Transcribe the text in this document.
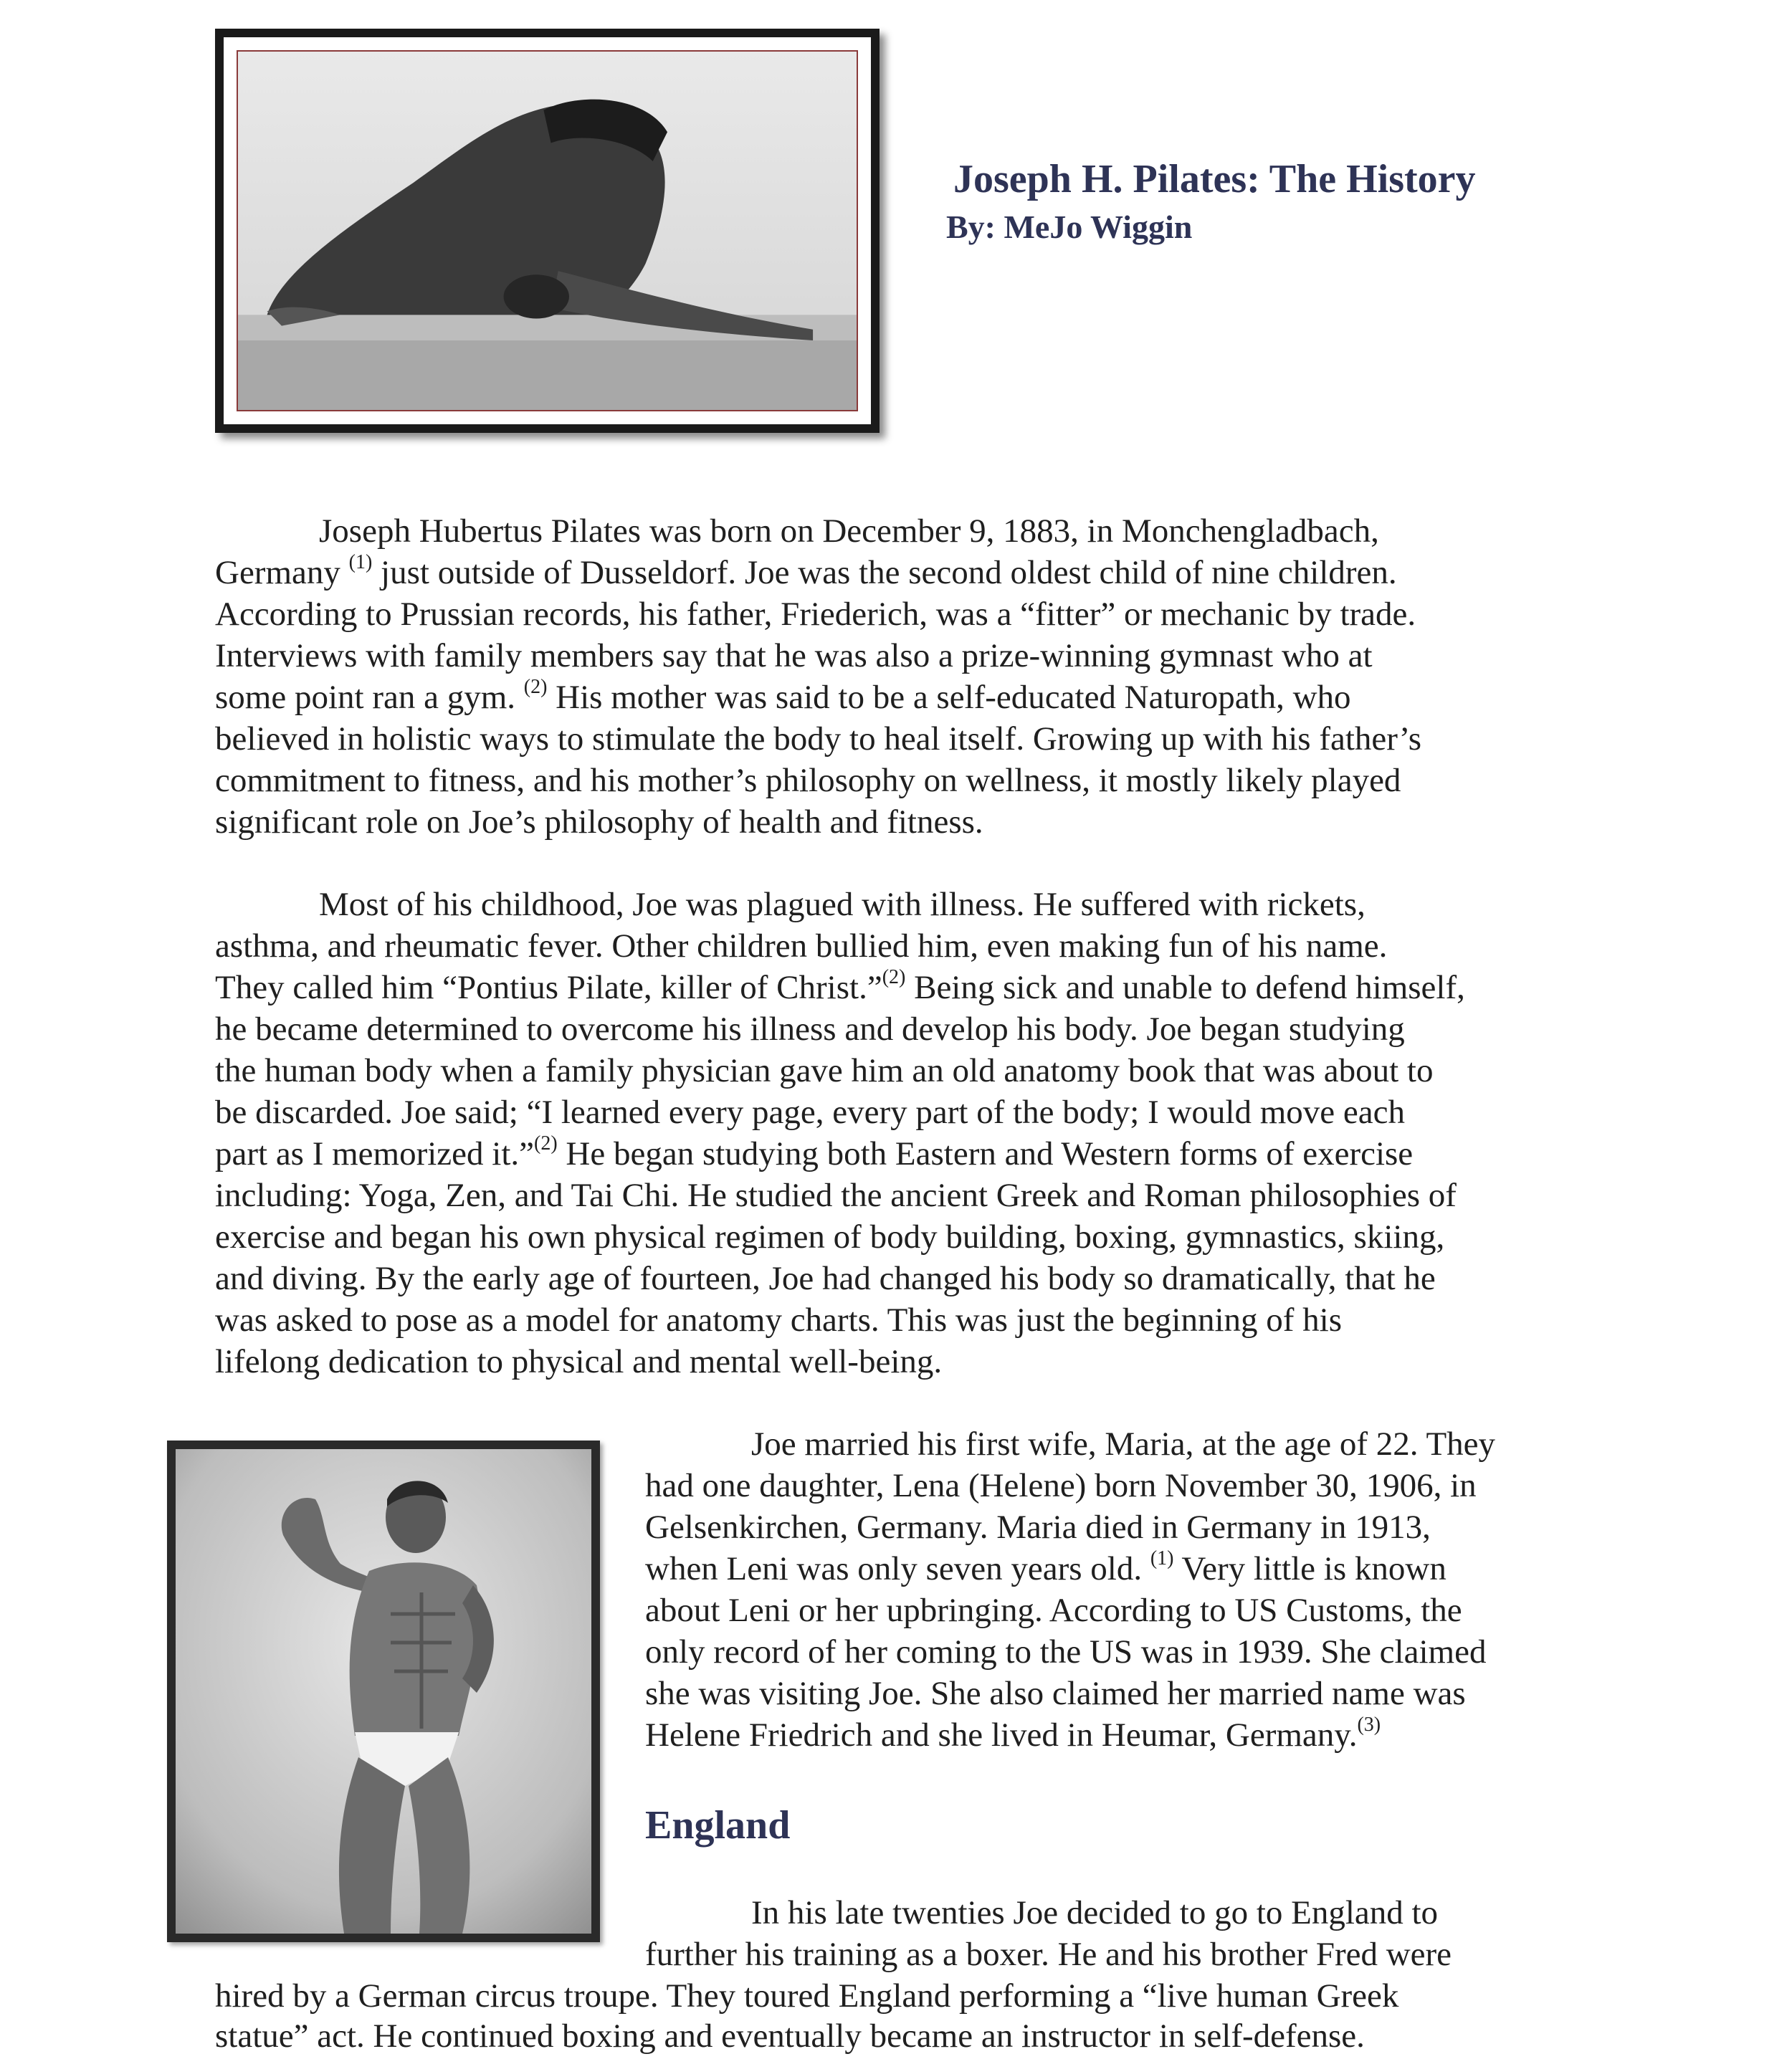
Joseph H. Pilates: The History
By: MeJo Wiggin

Joseph Hubertus Pilates was born on December 9, 1883, in Monchengladbach,

Germany $^{(1)}$ just outside of Dusseldorf. Joe was the second oldest child of nine children.

According to Prussian records, his father, Friederich, was a “fitter” or mechanic by trade.

Interviews with family members say that he was also a prize-winning gymnast who at

some point ran a gym. $^{(2)}$ His mother was said to be a self-educated Naturopath, who

believed in holistic ways to stimulate the body to heal itself. Growing up with his father’s

commitment to fitness, and his mother’s philosophy on wellness, it mostly likely played

significant role on Joe’s philosophy of health and fitness.

Most of his childhood, Joe was plagued with illness. He suffered with rickets,

asthma, and rheumatic fever. Other children bullied him, even making fun of his name.

They called him “Pontius Pilate, killer of Christ.”$^{(2)}$ Being sick and unable to defend himself,

he became determined to overcome his illness and develop his body. Joe began studying

the human body when a family physician gave him an old anatomy book that was about to

be discarded. Joe said; “I learned every page, every part of the body; I would move each

part as I memorized it.”$^{(2)}$ He began studying both Eastern and Western forms of exercise

including: Yoga, Zen, and Tai Chi. He studied the ancient Greek and Roman philosophies of

exercise and began his own physical regimen of body building, boxing, gymnastics, skiing,

and diving. By the early age of fourteen, Joe had changed his body so dramatically, that he

was asked to pose as a model for anatomy charts. This was just the beginning of his

lifelong dedication to physical and mental well-being.

Joe married his first wife, Maria, at the age of 22. They

had one daughter, Lena (Helene) born November 30, 1906, in

Gelsenkirchen, Germany. Maria died in Germany in 1913,

when Leni was only seven years old. $^{(1)}$ Very little is known

about Leni or her upbringing. According to US Customs, the

only record of her coming to the US was in 1939. She claimed

she was visiting Joe. She also claimed her married name was

Helene Friedrich and she lived in Heumar, Germany.$^{(3)}$

England

In his late twenties Joe decided to go to England to

further his training as a boxer. He and his brother Fred were

hired by a German circus troupe. They toured England performing a “live human Greek

statue” act. He continued boxing and eventually became an instructor in self-defense.
